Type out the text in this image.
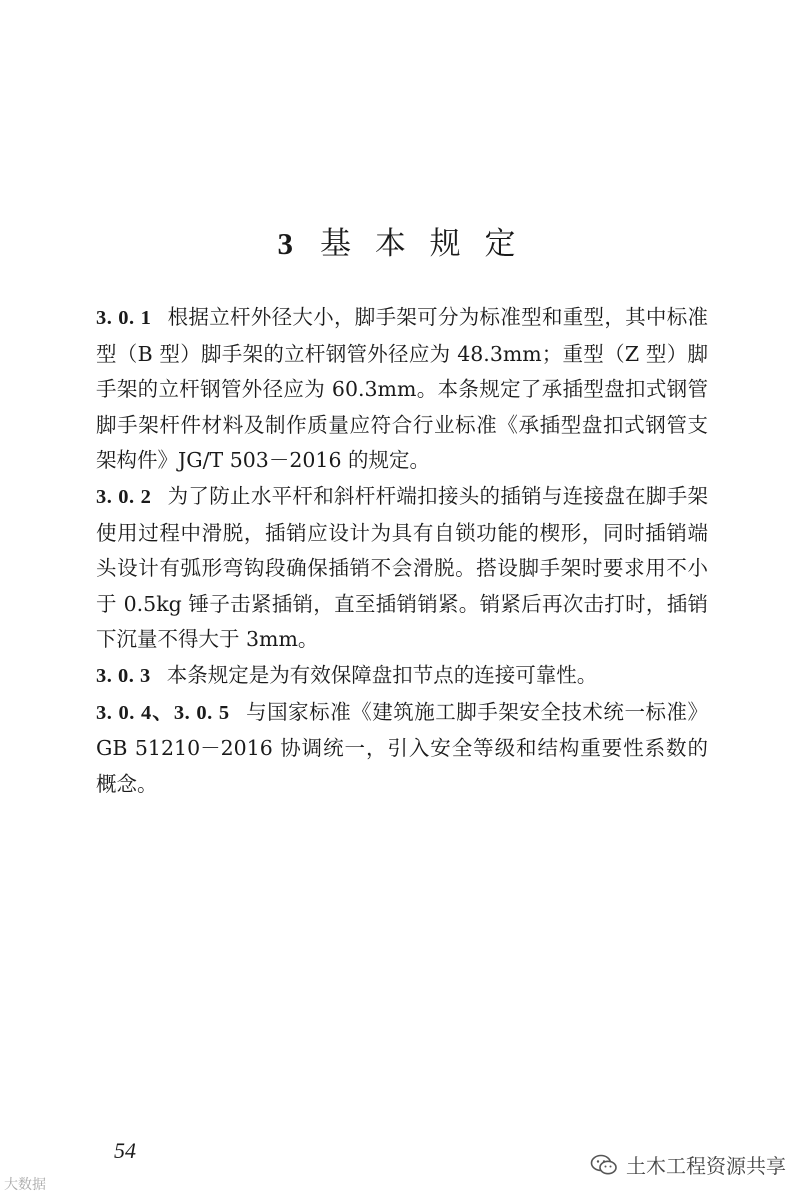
3 基 本 规 定

3. 0. 1 根据立杆外径大小，脚手架可分为标准型和重型，其中标准型（B 型）脚手架的立杆钢管外径应为 48.3mm；重型（Z 型）脚手架的立杆钢管外径应为 60.3mm。本条规定了承插型盘扣式钢管脚手架杆件材料及制作质量应符合行业标准《承插型盘扣式钢管支架构件》JG/T 503－2016 的规定。

3. 0. 2 为了防止水平杆和斜杆杆端扣接头的插销与连接盘在脚手架使用过程中滑脱，插销应设计为具有自锁功能的楔形，同时插销端头设计有弧形弯钩段确保插销不会滑脱。搭设脚手架时要求用不小于 0.5kg 锤子击紧插销，直至插销销紧。销紧后再次击打时，插销下沉量不得大于 3mm。

3. 0. 3 本条规定是为有效保障盘扣节点的连接可靠性。

3. 0. 4、3. 0. 5 与国家标准《建筑施工脚手架安全技术统一标准》GB 51210－2016 协调统一，引入安全等级和结构重要性系数的概念。

54
大数据
土木工程资源共享
